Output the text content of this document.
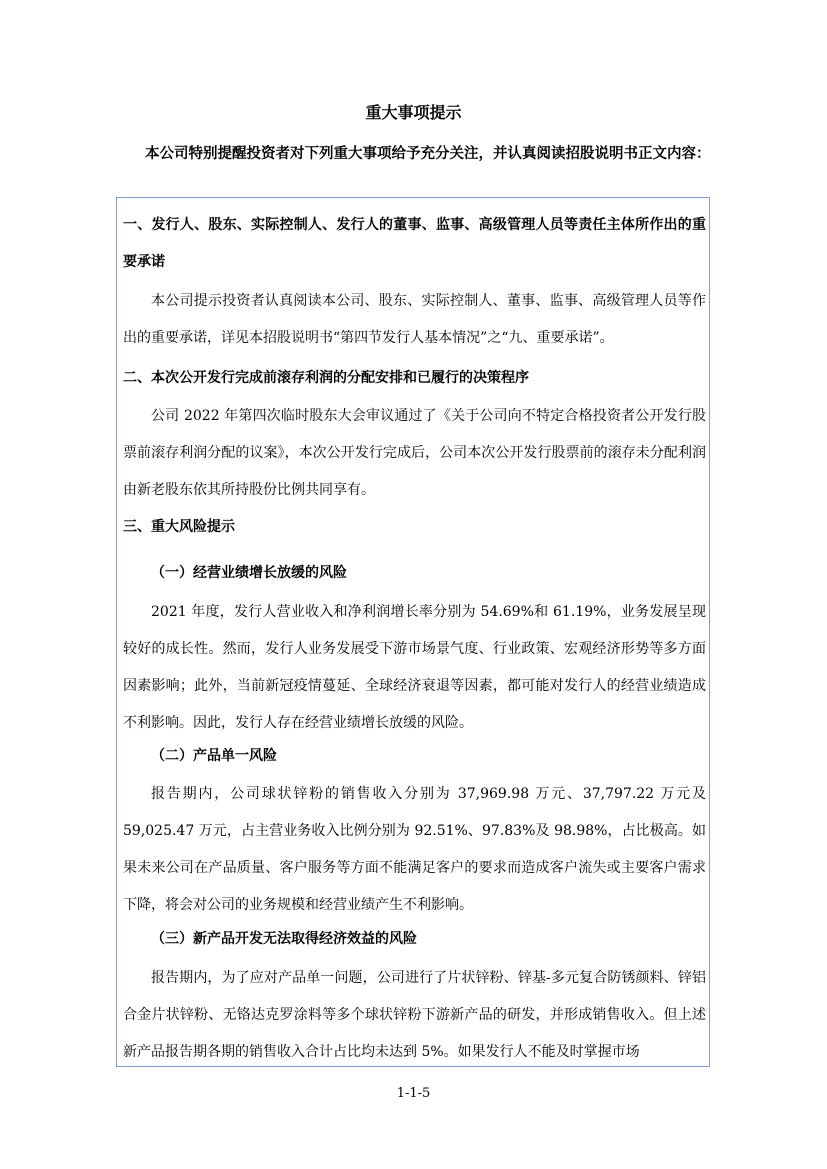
重大事项提示
本公司特别提醒投资者对下列重大事项给予充分关注，并认真阅读招股说明书正文内容：
一、发行人、股东、实际控制人、发行人的董事、监事、高级管理人员等责任主体所作出的重要承诺
本公司提示投资者认真阅读本公司、股东、实际控制人、董事、监事、高级管理人员等作出的重要承诺，详见本招股说明书“第四节发行人基本情况”之“九、重要承诺”。
二、本次公开发行完成前滚存利润的分配安排和已履行的决策程序
公司 2022 年第四次临时股东大会审议通过了《关于公司向不特定合格投资者公开发行股票前滚存利润分配的议案》，本次公开发行完成后，公司本次公开发行股票前的滚存未分配利润由新老股东依其所持股份比例共同享有。
三、重大风险提示
（一）经营业绩增长放缓的风险
2021 年度，发行人营业收入和净利润增长率分别为 54.69%和 61.19%，业务发展呈现较好的成长性。然而，发行人业务发展受下游市场景气度、行业政策、宏观经济形势等多方面因素影响；此外，当前新冠疫情蔓延、全球经济衰退等因素，都可能对发行人的经营业绩造成不利影响。因此，发行人存在经营业绩增长放缓的风险。
（二）产品单一风险
报告期内，公司球状锌粉的销售收入分别为 37,969.98 万元、37,797.22 万元及 59,025.47 万元，占主营业务收入比例分别为 92.51%、97.83%及 98.98%，占比极高。如果未来公司在产品质量、客户服务等方面不能满足客户的要求而造成客户流失或主要客户需求下降，将会对公司的业务规模和经营业绩产生不利影响。
（三）新产品开发无法取得经济效益的风险
报告期内，为了应对产品单一问题，公司进行了片状锌粉、锌基-多元复合防锈颜料、锌铝合金片状锌粉、无铬达克罗涂料等多个球状锌粉下游新产品的研发，并形成销售收入。但上述新产品报告期各期的销售收入合计占比均未达到 5%。如果发行人不能及时掌握市场
1-1-5
